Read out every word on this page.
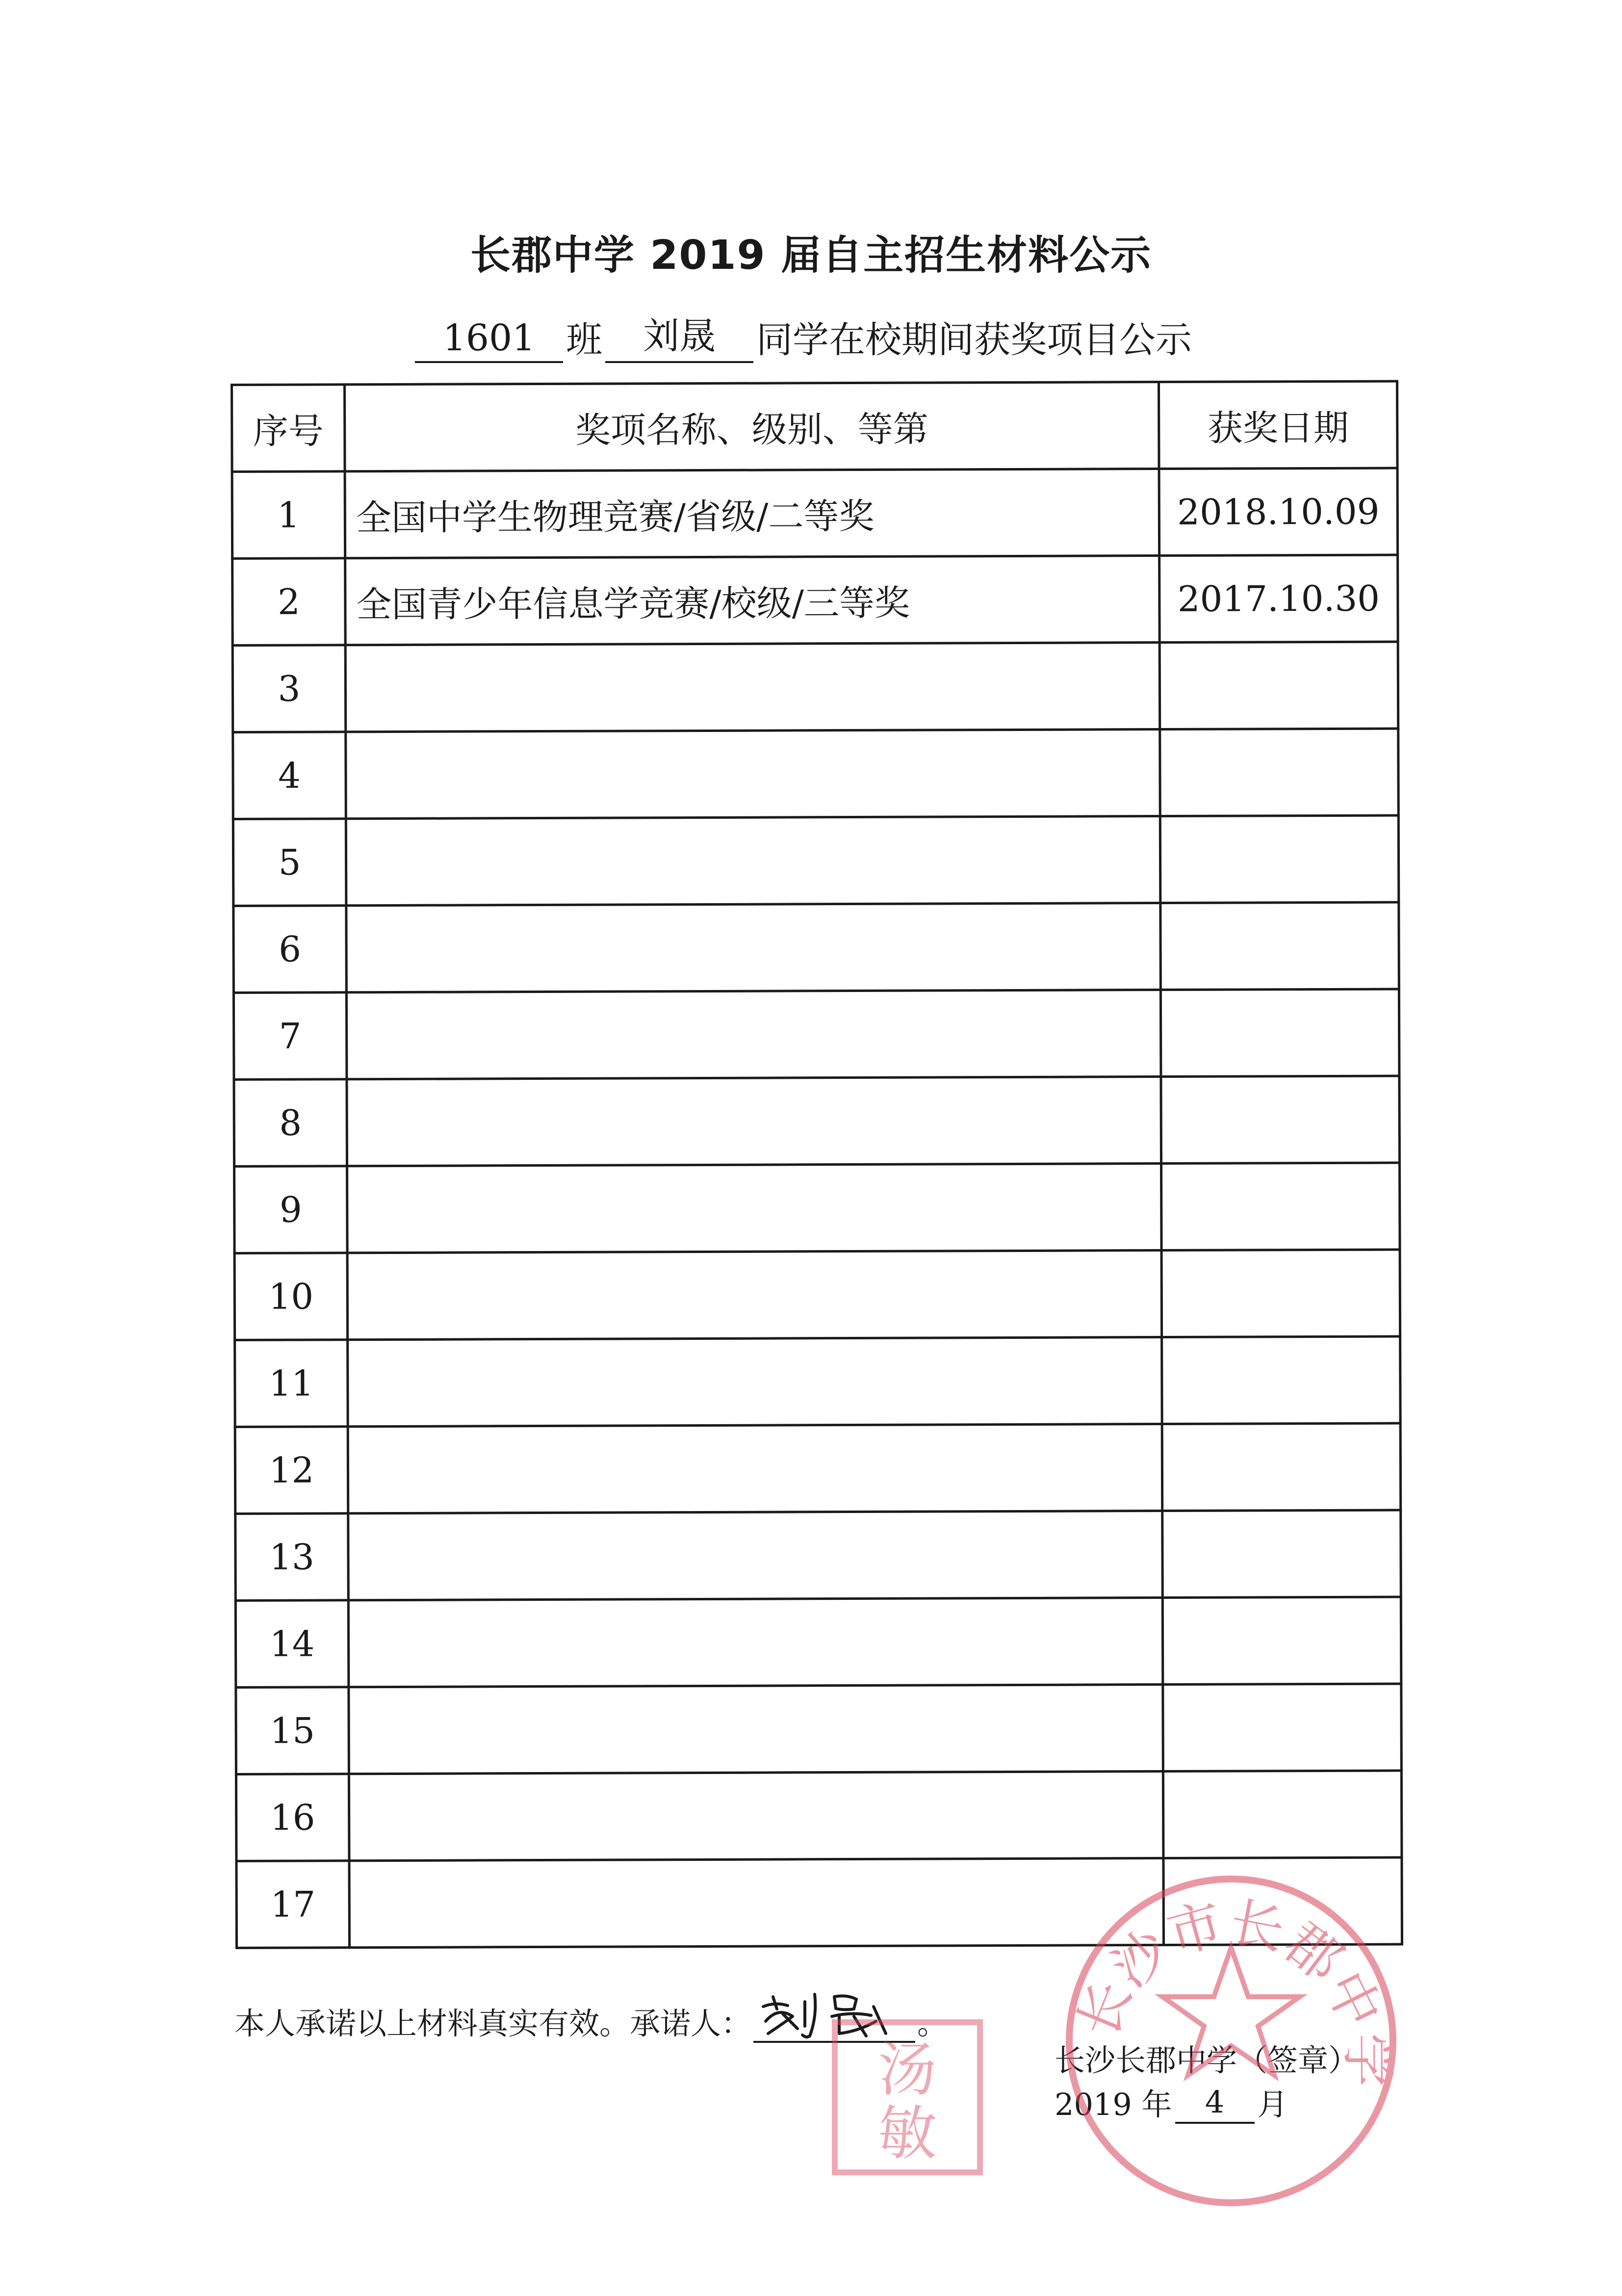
长郡中学 2019 届自主招生材料公示
1601 班	刘晟	同学在校期间获奖项目公示
序号	奖项名称、级别、等第	获奖日期
1	全国中学生物理竞赛/省级/二等奖	2018.10.09
2	全国青少年信息学竞赛/校级/三等奖	2017.10.30
3		
4		
5		
6		
7		
8		
9		
10		
11		
12		
13		
14		
15		
16		
17		
本人承诺以上材料真实有效。承诺人：	。
长沙长郡中学（签章）
2019 年	4	月
长沙市长郡中学
汤
敏
